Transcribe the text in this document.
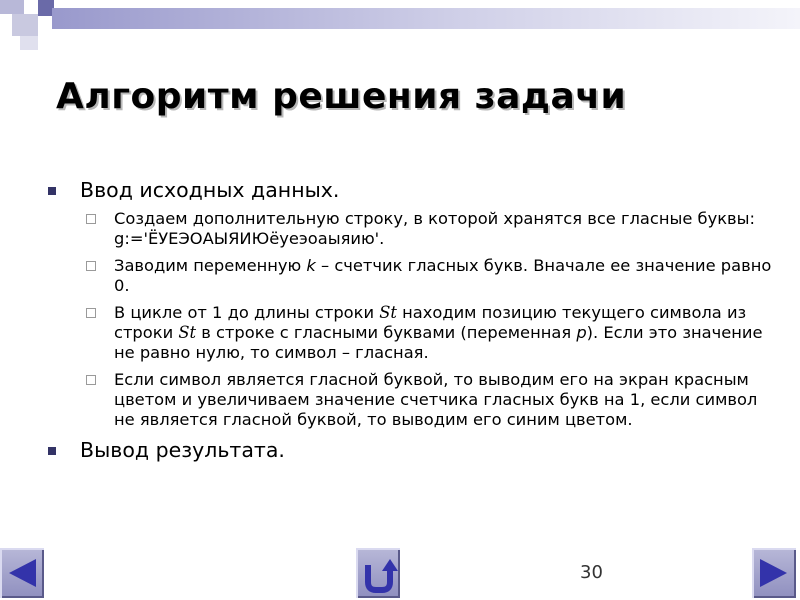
Алгоритм решения задачи
Ввод исходных данных.
Создаем дополнительную строку, в которой хранятся все гласные буквы: g:='ЁУЕЭОАЫЯИЮёуеэоаыяию'.
Заводим переменную k – счетчик гласных букв. Вначале ее значение равно 0.
В цикле от 1 до длины строки St находим позицию текущего символа из строки St в строке с гласными буквами (переменная p). Если это значение не равно нулю, то символ – гласная.
Если символ является гласной буквой, то выводим его на экран красным цветом и увеличиваем значение счетчика гласных букв на 1, если символ не является гласной буквой, то выводим его синим цветом.
Вывод результата.
30
